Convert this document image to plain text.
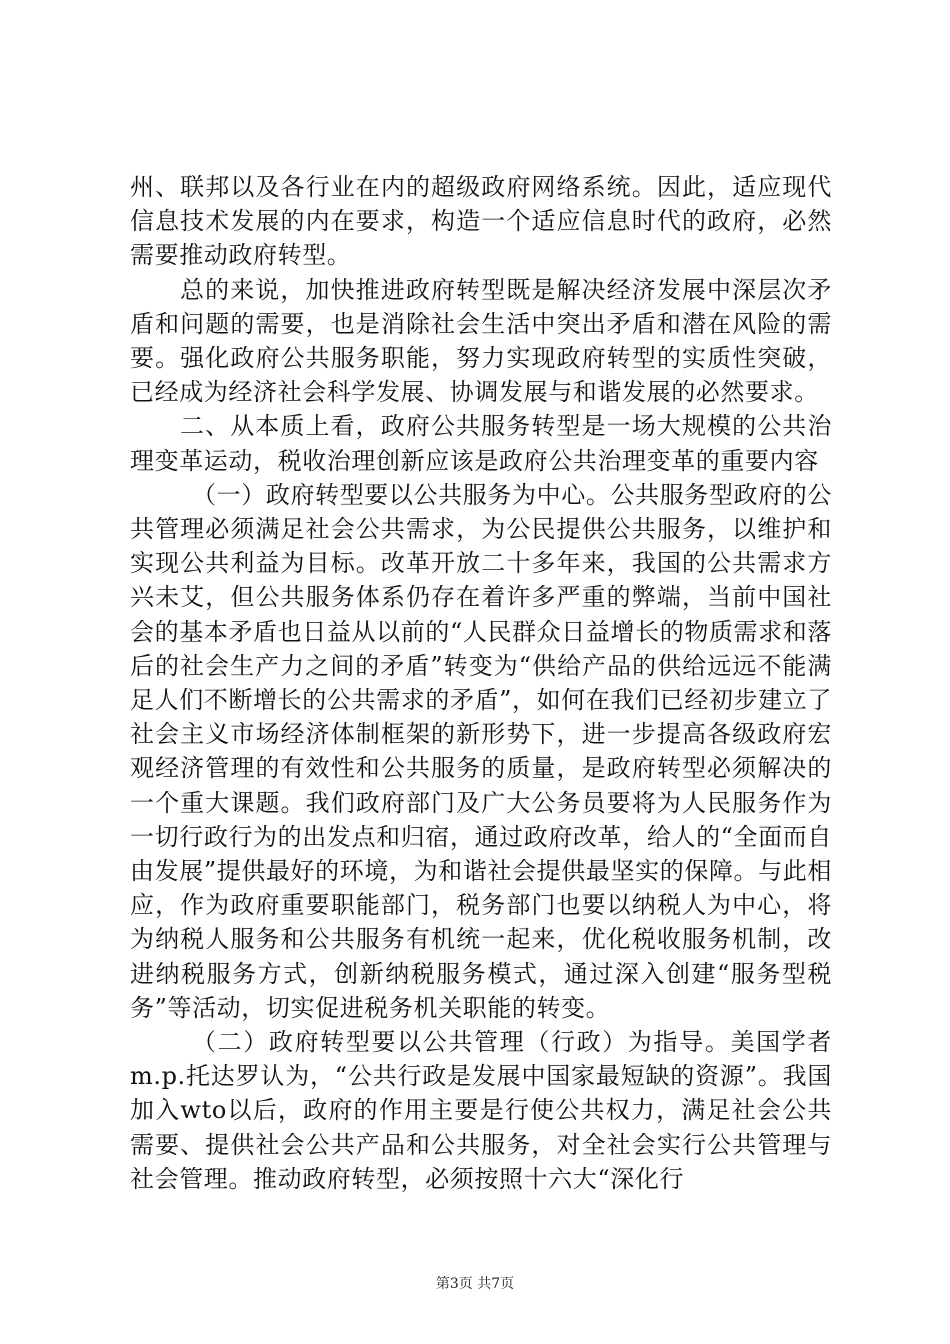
州、联邦以及各行业在内的超级政府网络系统。因此，适应现代信息技术发展的内在要求，构造一个适应信息时代的政府，必然需要推动政府转型。

总的来说，加快推进政府转型既是解决经济发展中深层次矛盾和问题的需要，也是消除社会生活中突出矛盾和潜在风险的需要。强化政府公共服务职能，努力实现政府转型的实质性突破，已经成为经济社会科学发展、协调发展与和谐发展的必然要求。

二、从本质上看，政府公共服务转型是一场大规模的公共治理变革运动，税收治理创新应该是政府公共治理变革的重要内容

（一）政府转型要以公共服务为中心。公共服务型政府的公共管理必须满足社会公共需求，为公民提供公共服务，以维护和实现公共利益为目标。改革开放二十多年来，我国的公共需求方兴未艾，但公共服务体系仍存在着许多严重的弊端，当前中国社会的基本矛盾也日益从以前的“人民群众日益增长的物质需求和落后的社会生产力之间的矛盾”转变为“供给产品的供给远远不能满足人们不断增长的公共需求的矛盾”，如何在我们已经初步建立了社会主义市场经济体制框架的新形势下，进一步提高各级政府宏观经济管理的有效性和公共服务的质量，是政府转型必须解决的一个重大课题。我们政府部门及广大公务员要将为人民服务作为一切行政行为的出发点和归宿，通过政府改革，给人的“全面而自由发展”提供最好的环境，为和谐社会提供最坚实的保障。与此相应，作为政府重要职能部门，税务部门也要以纳税人为中心，将为纳税人服务和公共服务有机统一起来，优化税收服务机制，改进纳税服务方式，创新纳税服务模式，通过深入创建“服务型税务”等活动，切实促进税务机关职能的转变。

（二）政府转型要以公共管理（行政）为指导。美国学者m.p.托达罗认为，“公共行政是发展中国家最短缺的资源”。我国加入wto以后，政府的作用主要是行使公共权力，满足社会公共需要、提供社会公共产品和公共服务，对全社会实行公共管理与社会管理。推动政府转型，必须按照十六大“深化行

第3页 共7页
